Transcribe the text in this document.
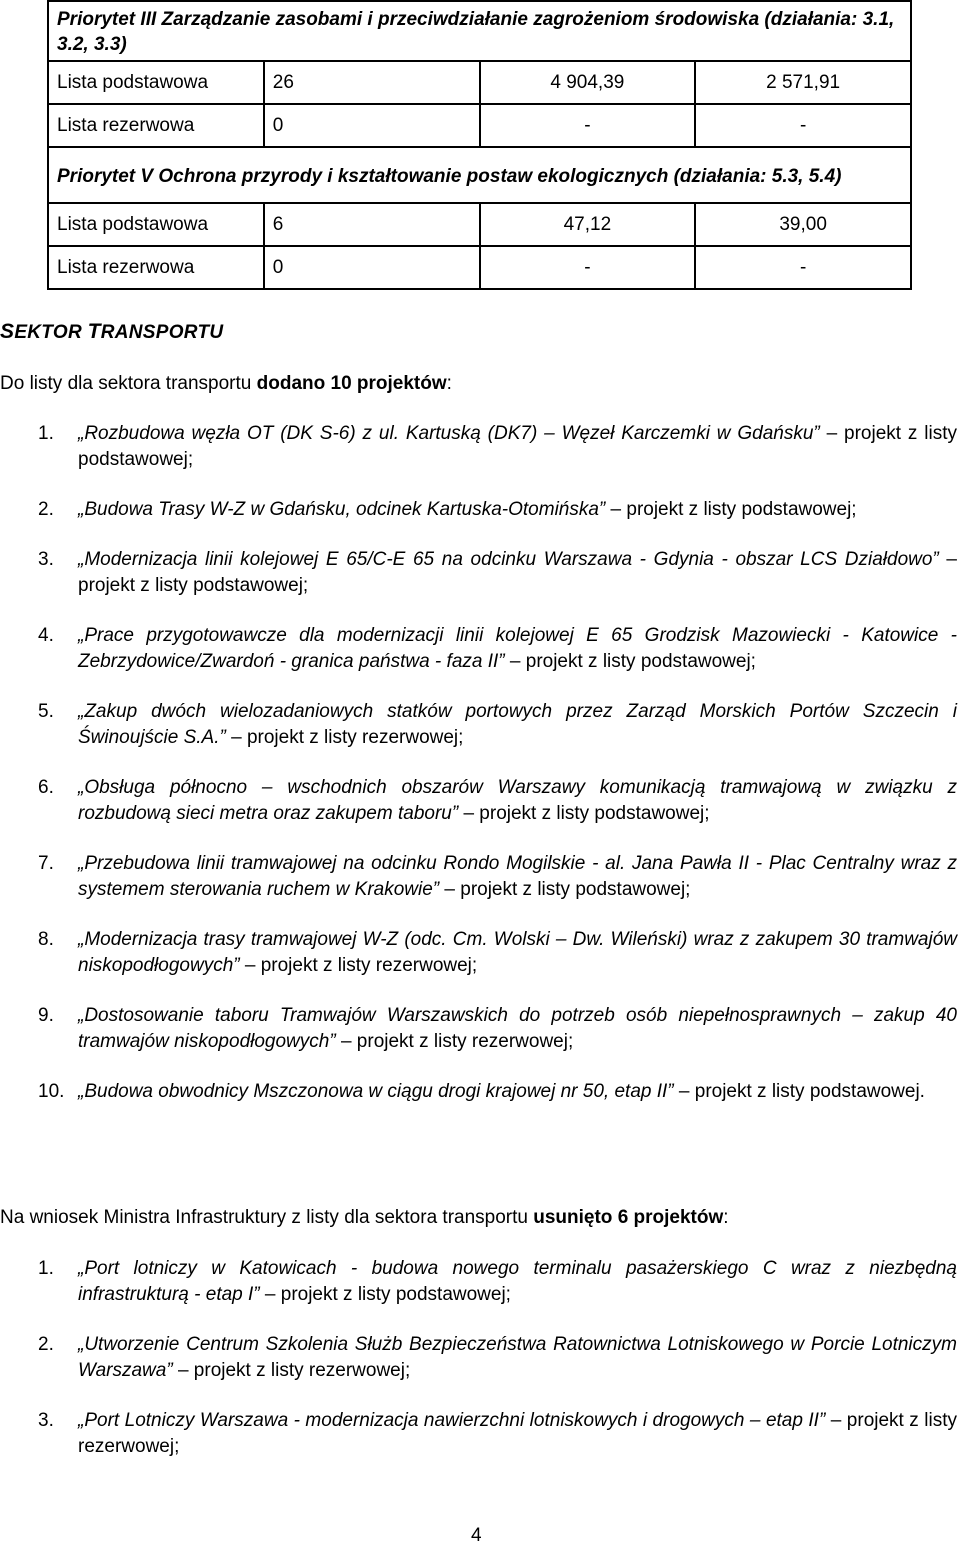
Priorytet III Zarządzanie zasobami i przeciwdziałanie zagrożeniom środowiska (działania: 3.1, 3.2, 3.3)			
Lista podstawowa	26	4 904,39	2 571,91
Lista rezerwowa	0	-	-
Priorytet V Ochrona przyrody i kształtowanie postaw ekologicznych (działania: 5.3, 5.4)			
Lista podstawowa	6	47,12	39,00
Lista rezerwowa	0	-	-
SEKTOR TRANSPORTU
Do listy dla sektora transportu dodano 10 projektów:

1. „Rozbudowa węzła OT (DK S-6) z ul. Kartuską (DK7) – Węzeł Karczemki w Gdańsku” – projekt z listy podstawowej;

2. „Budowa Trasy W-Z w Gdańsku, odcinek Kartuska-Otomińska” – projekt z listy podstawowej;

3. „Modernizacja linii kolejowej E 65/C-E 65 na odcinku Warszawa - Gdynia - obszar LCS Działdowo” – projekt z listy podstawowej;

4. „Prace przygotowawcze dla modernizacji linii kolejowej E 65 Grodzisk Mazowiecki - Katowice - Zebrzydowice/Zwardoń - granica państwa - faza II” – projekt z listy podstawowej;

5. „Zakup dwóch wielozadaniowych statków portowych przez Zarząd Morskich Portów Szczecin i Świnoujście S.A.” – projekt z listy rezerwowej;

6. „Obsługa północno – wschodnich obszarów Warszawy komunikacją tramwajową w związku z rozbudową sieci metra oraz zakupem taboru” – projekt z listy podstawowej;

7. „Przebudowa linii tramwajowej na odcinku Rondo Mogilskie - al. Jana Pawła II - Plac Centralny wraz z systemem sterowania ruchem w Krakowie” – projekt z listy podstawowej;

8. „Modernizacja trasy tramwajowej W-Z (odc. Cm. Wolski – Dw. Wileński) wraz z zakupem 30 tramwajów niskopodłogowych” – projekt z listy rezerwowej;

9. „Dostosowanie taboru Tramwajów Warszawskich do potrzeb osób niepełnosprawnych – zakup 40 tramwajów niskopodłogowych” – projekt z listy rezerwowej;

10. „Budowa obwodnicy Mszczonowa w ciągu drogi krajowej nr 50, etap II” – projekt z listy podstawowej.

Na wniosek Ministra Infrastruktury z listy dla sektora transportu usunięto 6 projektów:

1. „Port lotniczy w Katowicach - budowa nowego terminalu pasażerskiego C wraz z niezbędną infrastrukturą - etap I” – projekt z listy podstawowej;

2. „Utworzenie Centrum Szkolenia Służb Bezpieczeństwa Ratownictwa Lotniskowego w Porcie Lotniczym Warszawa” – projekt z listy rezerwowej;

3. „Port Lotniczy Warszawa - modernizacja nawierzchni lotniskowych i drogowych – etap II” – projekt z listy rezerwowej;

4
